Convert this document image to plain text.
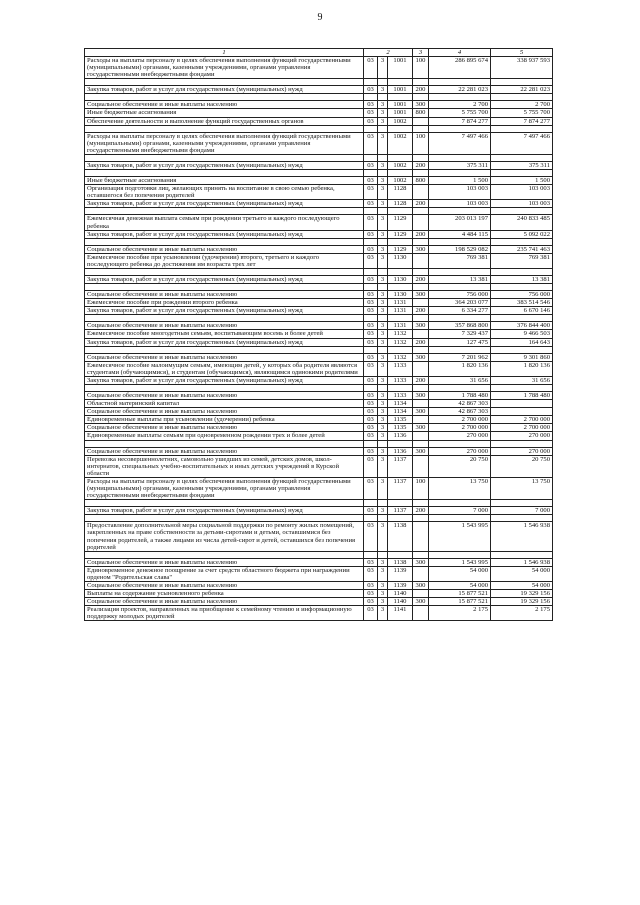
9
1	2			3	4	5
Расходы на выплаты персоналу в целях обеспечения выполнения функций государственными (муниципальными) органами, казенными учреждениями, органами управления государственными внебюджетными фондами	03	3	1001	100	286 895 674	338 937 593

Закупка товаров, работ и услуг для государственных (муниципальных) нужд	03	3	1001	200	22 281 023	22 281 023

Социальное обеспечение и иные выплаты населению	03	3	1001	300	2 700	2 700
Иные бюджетные ассигнования	03	3	1001	800	5 755 700	5 755 700
Обеспечение деятельности и выполнение функций государственных органов	03	3	1002		7 874 277	7 874 277

Расходы на выплаты персоналу в целях обеспечения выполнения функций государственными (муниципальными) органами, казенными учреждениями, органами управления государственными внебюджетными фондами	03	3	1002	100	7 497 466	7 497 466

Закупка товаров, работ и услуг для государственных (муниципальных) нужд	03	3	1002	200	375 311	375 311

Иные бюджетные ассигнования	03	3	1002	800	1 500	1 500
Организация подготовки лиц, желающих принять на воспитание в свою семью ребенка, оставшегося без попечения родителей	03	3	1128		103 003	103 003
Закупка товаров, работ и услуг для государственных (муниципальных) нужд	03	3	1128	200	103 003	103 003

Ежемесячная денежная выплата семьям при рождении третьего и каждого последующего ребенка	03	3	1129		203 013 197	240 833 485
Закупка товаров, работ и услуг для государственных (муниципальных) нужд	03	3	1129	200	4 484 115	5 092 022

Социальное обеспечение и иные выплаты населению	03	3	1129	300	198 529 082	235 741 463
Ежемесячное пособие при усыновлении (удочерении) второго, третьего и каждого последующего ребенка до достижения им возраста трех лет	03	3	1130		769 381	769 381

Закупка товаров, работ и услуг для государственных (муниципальных) нужд	03	3	1130	200	13 381	13 381

Социальное обеспечение и иные выплаты населению	03	3	1130	300	756 000	756 000
Ежемесячное пособие при рождении второго ребенка	03	3	1131		364 203 077	383 514 546
Закупка товаров, работ и услуг для государственных (муниципальных) нужд	03	3	1131	200	6 334 277	6 670 146

Социальное обеспечение и иные выплаты населению	03	3	1131	300	357 868 800	376 844 400
Ежемесячное пособие многодетным семьям, воспитывающим восемь и более детей	03	3	1132		7 329 437	9 466 503
Закупка товаров, работ и услуг для государственных (муниципальных) нужд	03	3	1132	200	127 475	164 643

Социальное обеспечение и иные выплаты населению	03	3	1132	300	7 201 962	9 301 860
Ежемесячное пособие малоимущим семьям, имеющим детей, у которых оба родителя являются студентами (обучающимися), и студентам (обучающимся), являющимся одинокими родителями	03	3	1133		1 820 136	1 820 136
Закупка товаров, работ и услуг для государственных (муниципальных) нужд	03	3	1133	200	31 656	31 656

Социальное обеспечение и иные выплаты населению	03	3	1133	300	1 788 480	1 788 480
Областной материнский капитал	03	3	1134		42 867 303	
Социальное обеспечение и иные выплаты населению	03	3	1134	300	42 867 303	
Единовременные выплаты при усыновлении (удочерении) ребенка	03	3	1135		2 700 000	2 700 000
Социальное обеспечение и иные выплаты населению	03	3	1135	300	2 700 000	2 700 000
Единовременные выплаты семьям при одновременном рождении трех и более детей	03	3	1136		270 000	270 000

Социальное обеспечение и иные выплаты населению	03	3	1136	300	270 000	270 000
Перевозка несовершеннолетних, самовольно ушедших из семей, детских домов, школ-интернатов, специальных учебно-воспитательных и иных детских учреждений в Курской области	03	3	1137		20 750	20 750
Расходы на выплаты персоналу в целях обеспечения выполнения функций государственными (муниципальными) органами, казенными учреждениями, органами управления государственными внебюджетными фондами	03	3	1137	100	13 750	13 750

Закупка товаров, работ и услуг для государственных (муниципальных) нужд	03	3	1137	200	7 000	7 000

Предоставление дополнительной меры социальной поддержки по ремонту жилых помещений, закрепленных на праве собственности за детьми-сиротами и детьми, оставшимися без попечения родителей, а также лицами из числа детей-сирот и детей, оставшихся без попечения родителей	03	3	1138		1 543 995	1 546 938

Социальное обеспечение и иные выплаты населению	03	3	1138	300	1 543 995	1 546 938
Единовременное денежное поощрение за счет средств областного бюджета при награждении орденом "Родительская слава"	03	3	1139		54 000	54 000
Социальное обеспечение и иные выплаты населению	03	3	1139	300	54 000	54 000
Выплаты на содержание усыновленного ребенка	03	3	1140		15 877 521	19 329 156
Социальное обеспечение и иные выплаты населению	03	3	1140	300	15 877 521	19 329 156
Реализация проектов, направленных на приобщение к семейному чтению и информационную поддержку молодых родителей	03	3	1141		2 175	2 175
